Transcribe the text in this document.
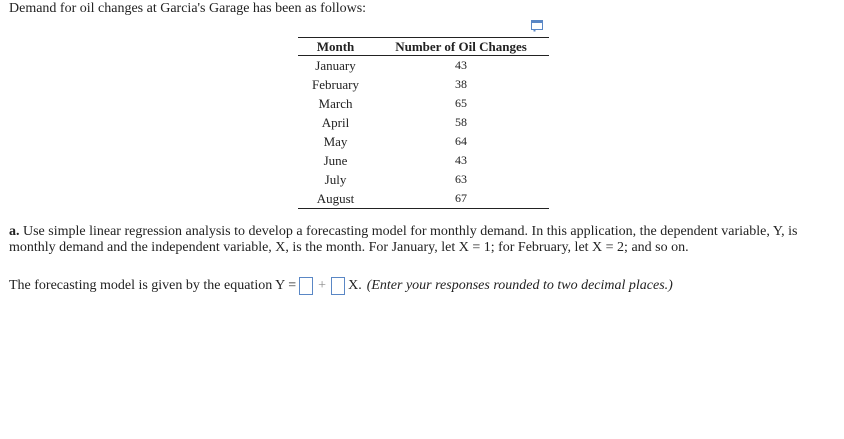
Demand for oil changes at Garcia's Garage has been as follows:
Month	Number of Oil Changes
January	43
February	38
March	65
April	58
May	64
June	43
July	63
August	67
a. Use simple linear regression analysis to develop a forecasting model for monthly demand. In this application, the dependent variable, Y, is monthly demand and the independent variable, X, is the month. For January, let X = 1; for February, let X = 2; and so on.
The forecasting model is given by the equation Y = + X. (Enter your responses rounded to two decimal places.)
